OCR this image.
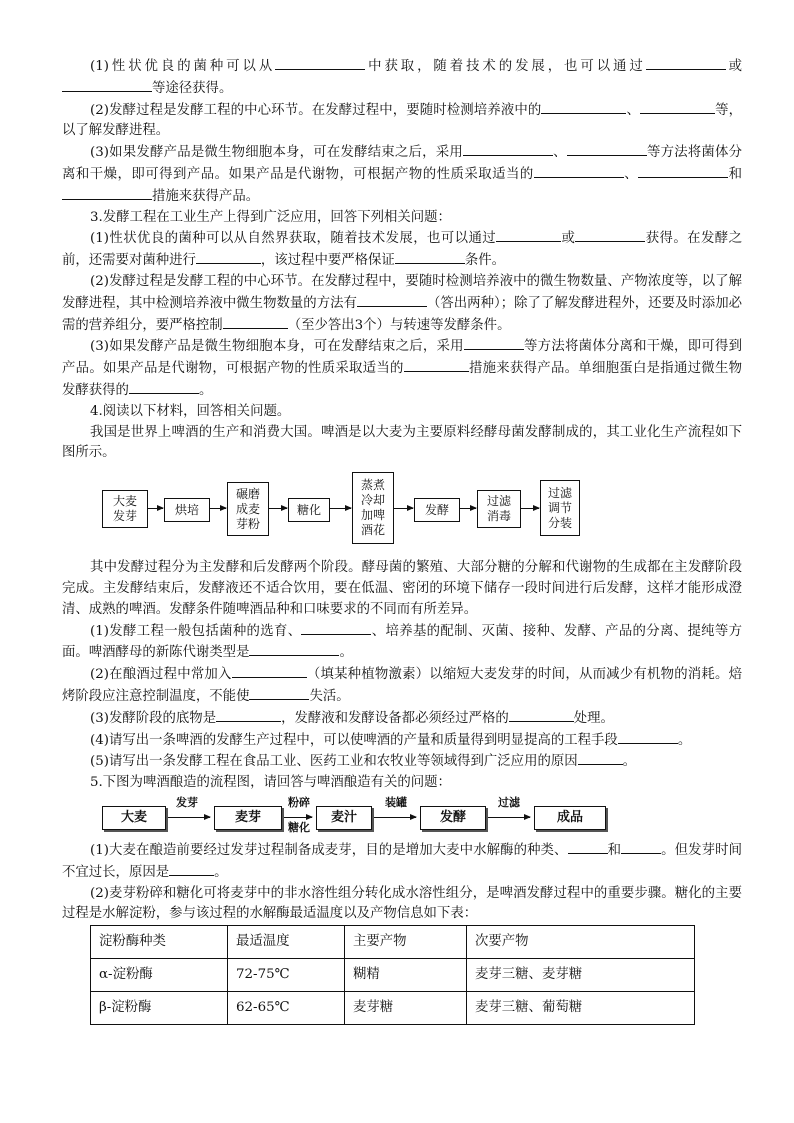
(1)性状优良的菌种可以从	中获取，随着技术的发展，也可以通过	或等途径获得。

(2)发酵过程是发酵工程的中心环节。在发酵过程中，要随时检测培养液中的	、	等，以了解发酵进程。

(3)如果发酵产品是微生物细胞本身，可在发酵结束之后，采用	、	等方法将菌体分离和干燥，即可得到产品。如果产品是代谢物，可根据产物的性质采取适当的	、	和措施来获得产品。

3.发酵工程在工业生产上得到广泛应用，回答下列相关问题：

(1)性状优良的菌种可以从自然界获取，随着技术发展，也可以通过	或	获得。在发酵之前，还需要对菌种进行	，该过程中要严格保证	条件。

(2)发酵过程是发酵工程的中心环节。在发酵过程中，要随时检测培养液中的微生物数量、产物浓度等，以了解发酵进程，其中检测培养液中微生物数量的方法有	（答出两种）；除了了解发酵进程外，还要及时添加必需的营养组分，要严格控制	（至少答出3个）与转速等发酵条件。

(3)如果发酵产品是微生物细胞本身，可在发酵结束之后，采用	等方法将菌体分离和干燥，即可得到产品。如果产品是代谢物，可根据产物的性质采取适当的	措施来获得产品。单细胞蛋白是指通过微生物发酵获得的	。

4.阅读以下材料，回答相关问题。

我国是世界上啤酒的生产和消费大国。啤酒是以大麦为主要原料经酵母菌发酵制成的，其工业化生产流程如下图所示。

大麦
发芽	烘培
碾磨
成麦
芽粉
糖化
蒸煮
冷却
加啤
酒花
发酵
过滤
消毒
过滤
调节
分装

其中发酵过程分为主发酵和后发酵两个阶段。酵母菌的繁殖、大部分糖的分解和代谢物的生成都在主发酵阶段完成。主发酵结束后，发酵液还不适合饮用，要在低温、密闭的环境下储存一段时间进行后发酵，这样才能形成澄清、成熟的啤酒。发酵条件随啤酒品种和口味要求的不同而有所差异。

(1)发酵工程一般包括菌种的选育、	、培养基的配制、灭菌、接种、发酵、产品的分离、提纯等方面。啤酒酵母的新陈代谢类型是	。

(2)在酿酒过程中常加入	（填某种植物激素）以缩短大麦发芽的时间，从而减少有机物的消耗。焙烤阶段应注意控制温度，不能使	失活。

(3)发酵阶段的底物是	，发酵液和发酵设备都必须经过严格的	处理。

(4)请写出一条啤酒的发酵生产过程中，可以使啤酒的产量和质量得到明显提高的工程手段	。

(5)请写出一条发酵工程在食品工业、医药工业和农牧业等领域得到广泛应用的原因	。

5.下图为啤酒酿造的流程图，请回答与啤酒酿造有关的问题：

大麦
发芽
麦芽
粉碎
糖化
麦汁
装罐
发酵
过滤
成品

(1)大麦在酿造前要经过发芽过程制备成麦芽，目的是增加大麦中水解酶的种类、	和	。但发芽时间不宜过长，原因是	。

(2)麦芽粉碎和糖化可将麦芽中的非水溶性组分转化成水溶性组分，是啤酒发酵过程中的重要步骤。糖化的主要过程是水解淀粉，参与该过程的水解酶最适温度以及产物信息如下表：

淀粉酶种类	最适温度	主要产物	次要产物
α-淀粉酶	72-75℃	糊精	麦芽三糖、麦芽糖
β-淀粉酶	62-65℃	麦芽糖	麦芽三糖、葡萄糖
